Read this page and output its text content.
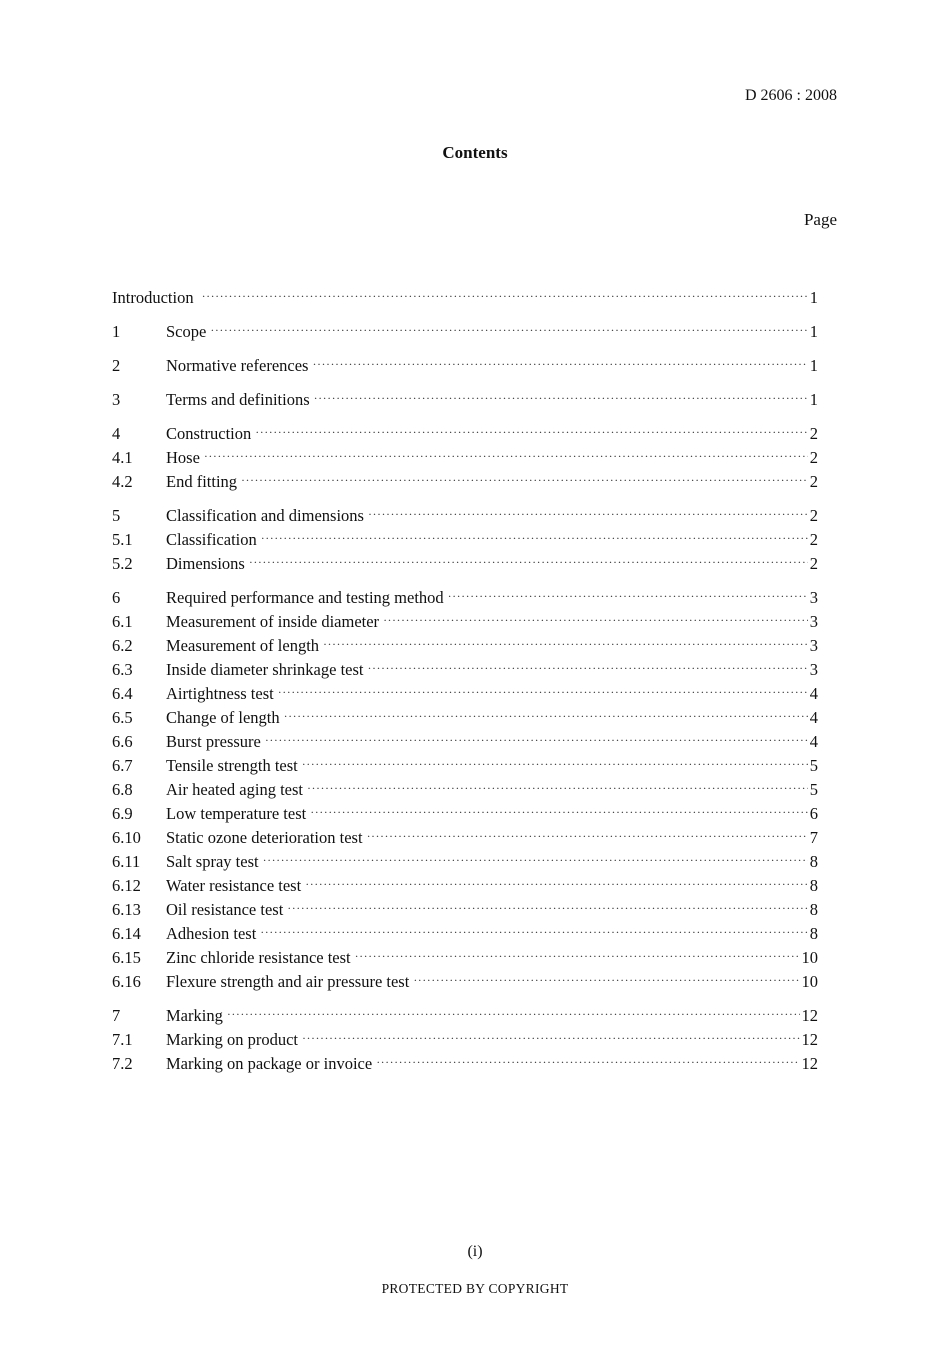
D 2606 : 2008
Contents
Page
Introduction ·····	1
1	Scope ·····	1
2	Normative references ·····	1
3	Terms and definitions ·····	1
4	Construction ·····	2
4.1	Hose ·····	2
4.2	End fitting ·····	2
5	Classification and dimensions ·····	2
5.1	Classification ·····	2
5.2	Dimensions ·····	2
6	Required performance and testing method ·····	3
6.1	Measurement of inside diameter ·····	3
6.2	Measurement of length ·····	3
6.3	Inside diameter shrinkage test ·····	3
6.4	Airtightness test ·····	4
6.5	Change of length ·····	4
6.6	Burst pressure ·····	4
6.7	Tensile strength test ·····	5
6.8	Air heated aging test ·····	5
6.9	Low temperature test ·····	6
6.10	Static ozone deterioration test ·····	7
6.11	Salt spray test ·····	8
6.12	Water resistance test ·····	8
6.13	Oil resistance test ·····	8
6.14	Adhesion test ·····	8
6.15	Zinc chloride resistance test ·····	10
6.16	Flexure strength and air pressure test ·····	10
7	Marking ·····	12
7.1	Marking on product ·····	12
7.2	Marking on package or invoice ·····	12
(i)
PROTECTED BY COPYRIGHT
